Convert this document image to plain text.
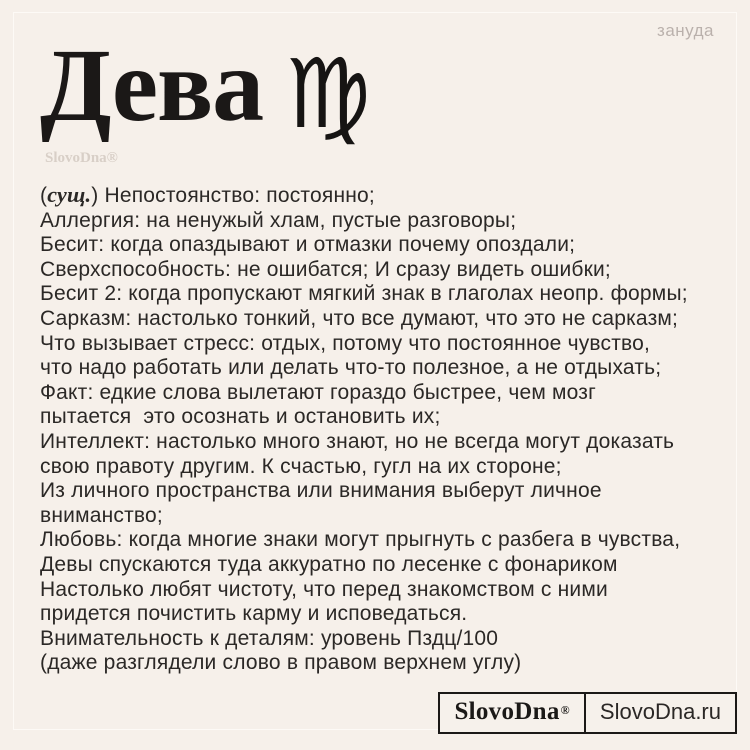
зануда
Дева ♍
SlovoDna®
(сущ.) Непостоянство: постоянно;
Аллергия: на ненужый хлам, пустые разговоры;
Бесит: когда опаздывают и отмазки почему опоздали;
Сверхспособность: не ошибатся; И сразу видеть ошибки;
Бесит 2: когда пропускают мягкий знак в глаголах неопр. формы;
Сарказм: настолько тонкий, что все думают, что это не сарказм;
Что вызывает стресс: отдых, потому что постоянное чувство,
что надо работать или делать что-то полезное, а не отдыхать;
Факт: едкие слова вылетают гораздо быстрее, чем мозг
пытается  это осознать и остановить их;
Интеллект: настолько много знают, но не всегда могут доказать
свою правоту другим. К счастью, гугл на их стороне;
Из личного пространства или внимания выберут личное
вниманство;
Любовь: когда многие знаки могут прыгнуть с разбега в чувства,
Девы спускаются туда аккуратно по лесенке с фонариком
Настолько любят чистоту, что перед знакомством с ними
придется почистить карму и исповедаться.
Внимательность к деталям: уровень Пздц/100
(даже разглядели слово в правом верхнем углу)
SlovoDna®	SlovoDna.ru
